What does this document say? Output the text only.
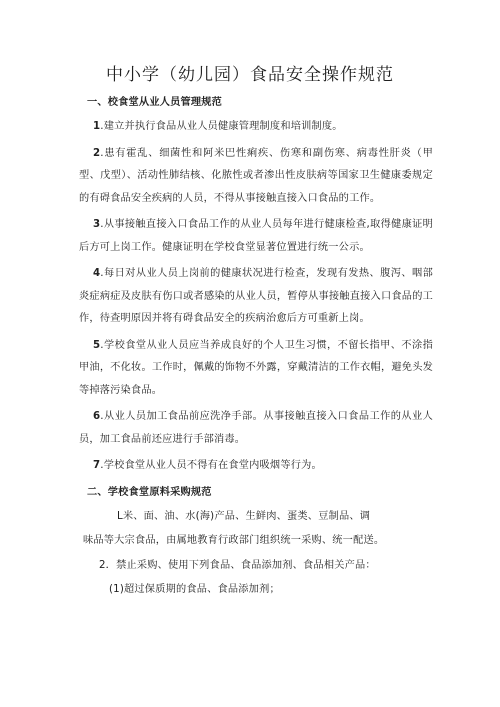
中小学（幼儿园）食品安全操作规范
一、校食堂从业人员管理规范

1.建立并执行食品从业人员健康管理制度和培训制度。

2.患有霍乱、细菌性和阿米巴性痢疾、伤寒和副伤寒、病毒性肝炎（甲型、戊型）、活动性肺结核、化脓性或者渗出性皮肤病等国家卫生健康委规定的有碍食品安全疾病的人员，不得从事接触直接入口食品的工作。

3.从事接触直接入口食品工作的从业人员每年进行健康检查,取得健康证明后方可上岗工作。健康证明在学校食堂显著位置进行统一公示。

4.每日对从业人员上岗前的健康状况进行检查，发现有发热、腹泻、咽部炎症病症及皮肤有伤口或者感染的从业人员，暂停从事接触直接入口食品的工作，待查明原因并将有碍食品安全的疾病治愈后方可重新上岗。

5.学校食堂从业人员应当养成良好的个人卫生习惯，不留长指甲、不涂指甲油，不化妆。工作时，佩戴的饰物不外露，穿戴清洁的工作衣帽，避免头发等掉落污染食品。

6.从业人员加工食品前应洗净手部。从事接触直接入口食品工作的从业人员，加工食品前还应进行手部消毒。

7.学校食堂从业人员不得有在食堂内吸烟等行为。

二、学校食堂原料采购规范
L米、面、油、水(海)产品、生鲜肉、蛋类、豆制品、调
味品等大宗食品，由属地教育行政部门组织统一采购、统一配送。
2．禁止采购、使用下列食品、食品添加剂、食品相关产品：
(1)超过保质期的食品、食品添加剂；
